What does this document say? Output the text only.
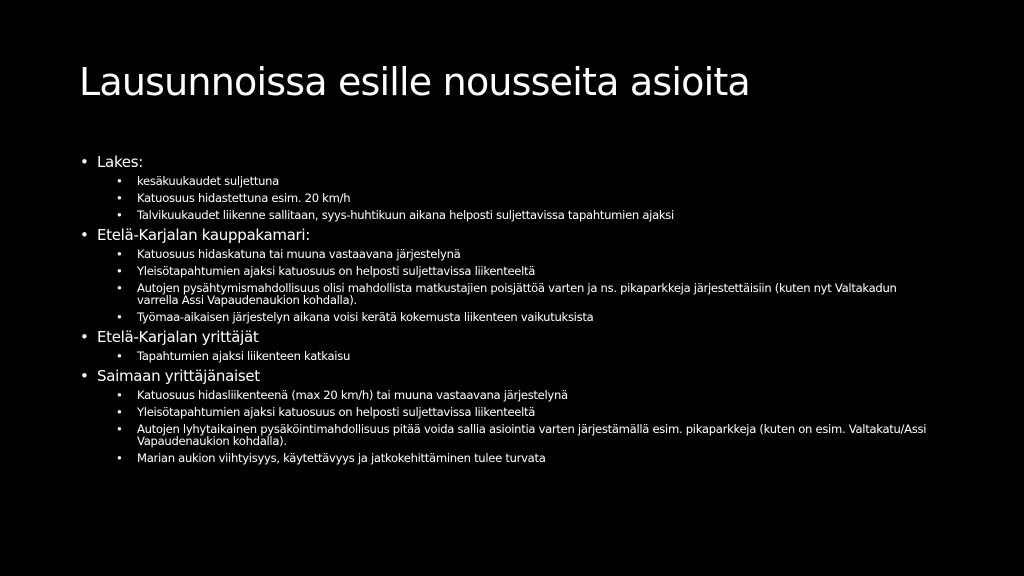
Lausunnoissa esille nousseita asioita
• Lakes:
• kesäkuukaudet suljettuna
• Katuosuus hidastettuna esim. 20 km/h
• Talvikuukaudet liikenne sallitaan, syys-huhtikuun aikana helposti suljettavissa tapahtumien ajaksi
• Etelä-Karjalan kauppakamari:
• Katuosuus hidaskatuna tai muuna vastaavana järjestelynä
• Yleisötapahtumien ajaksi katuosuus on helposti suljettavissa liikenteeltä
• Autojen pysähtymismahdollisuus olisi mahdollista matkustajien poisjättöä varten ja ns. pikaparkkeja järjestettäisiin (kuten nyt Valtakadun varrella Assi Vapaudenaukion kohdalla).
• Työmaa-aikaisen järjestelyn aikana voisi kerätä kokemusta liikenteen vaikutuksista
• Etelä-Karjalan yrittäjät
• Tapahtumien ajaksi liikenteen katkaisu
• Saimaan yrittäjänaiset
• Katuosuus hidasliikenteenä (max 20 km/h) tai muuna vastaavana järjestelynä
• Yleisötapahtumien ajaksi katuosuus on helposti suljettavissa liikenteeltä
• Autojen lyhytaikainen pysäköintimahdollisuus pitää voida sallia asiointia varten järjestämällä esim. pikaparkkeja (kuten on esim. Valtakatu/Assi Vapaudenaukion kohdalla).
• Marian aukion viihtyisyys, käytettävyys ja jatkokehittäminen tulee turvata
